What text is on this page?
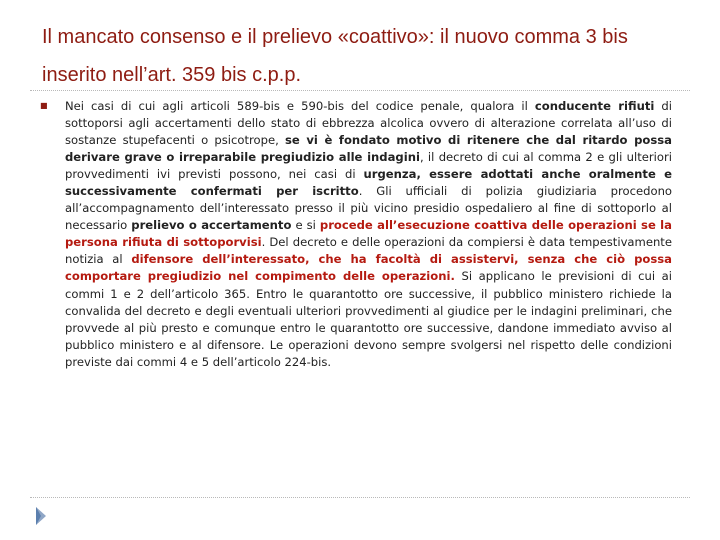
Il mancato consenso e il prelievo «coattivo»: il nuovo comma 3 bis inserito nell’art. 359 bis c.p.p.
■ Nei casi di cui agli articoli 589-bis e 590-bis del codice penale, qualora il conducente rifiuti di sottoporsi agli accertamenti dello stato di ebbrezza alcolica ovvero di alterazione correlata all’uso di sostanze stupefacenti o psicotrope, se vi è fondato motivo di ritenere che dal ritardo possa derivare grave o irreparabile pregiudizio alle indagini, il decreto di cui al comma 2 e gli ulteriori provvedimenti ivi previsti possono, nei casi di urgenza, essere adottati anche oralmente e successivamente confermati per iscritto. Gli ufficiali di polizia giudiziaria procedono all’accompagnamento dell’interessato presso il più vicino presidio ospedaliero al fine di sottoporlo al necessario prelievo o accertamento e si procede all’esecuzione coattiva delle operazioni se la persona rifiuta di sottoporvisi. Del decreto e delle operazioni da compiersi è data tempestivamente notizia al difensore dell’interessato, che ha facoltà di assistervi, senza che ciò possa comportare pregiudizio nel compimento delle operazioni. Si applicano le previsioni di cui ai commi 1 e 2 dell’articolo 365. Entro le quarantotto ore successive, il pubblico ministero richiede la convalida del decreto e degli eventuali ulteriori provvedimenti al giudice per le indagini preliminari, che provvede al più presto e comunque entro le quarantotto ore successive, dandone immediato avviso al pubblico ministero e al difensore. Le operazioni devono sempre svolgersi nel rispetto delle condizioni previste dai commi 4 e 5 dell’articolo 224-bis.
